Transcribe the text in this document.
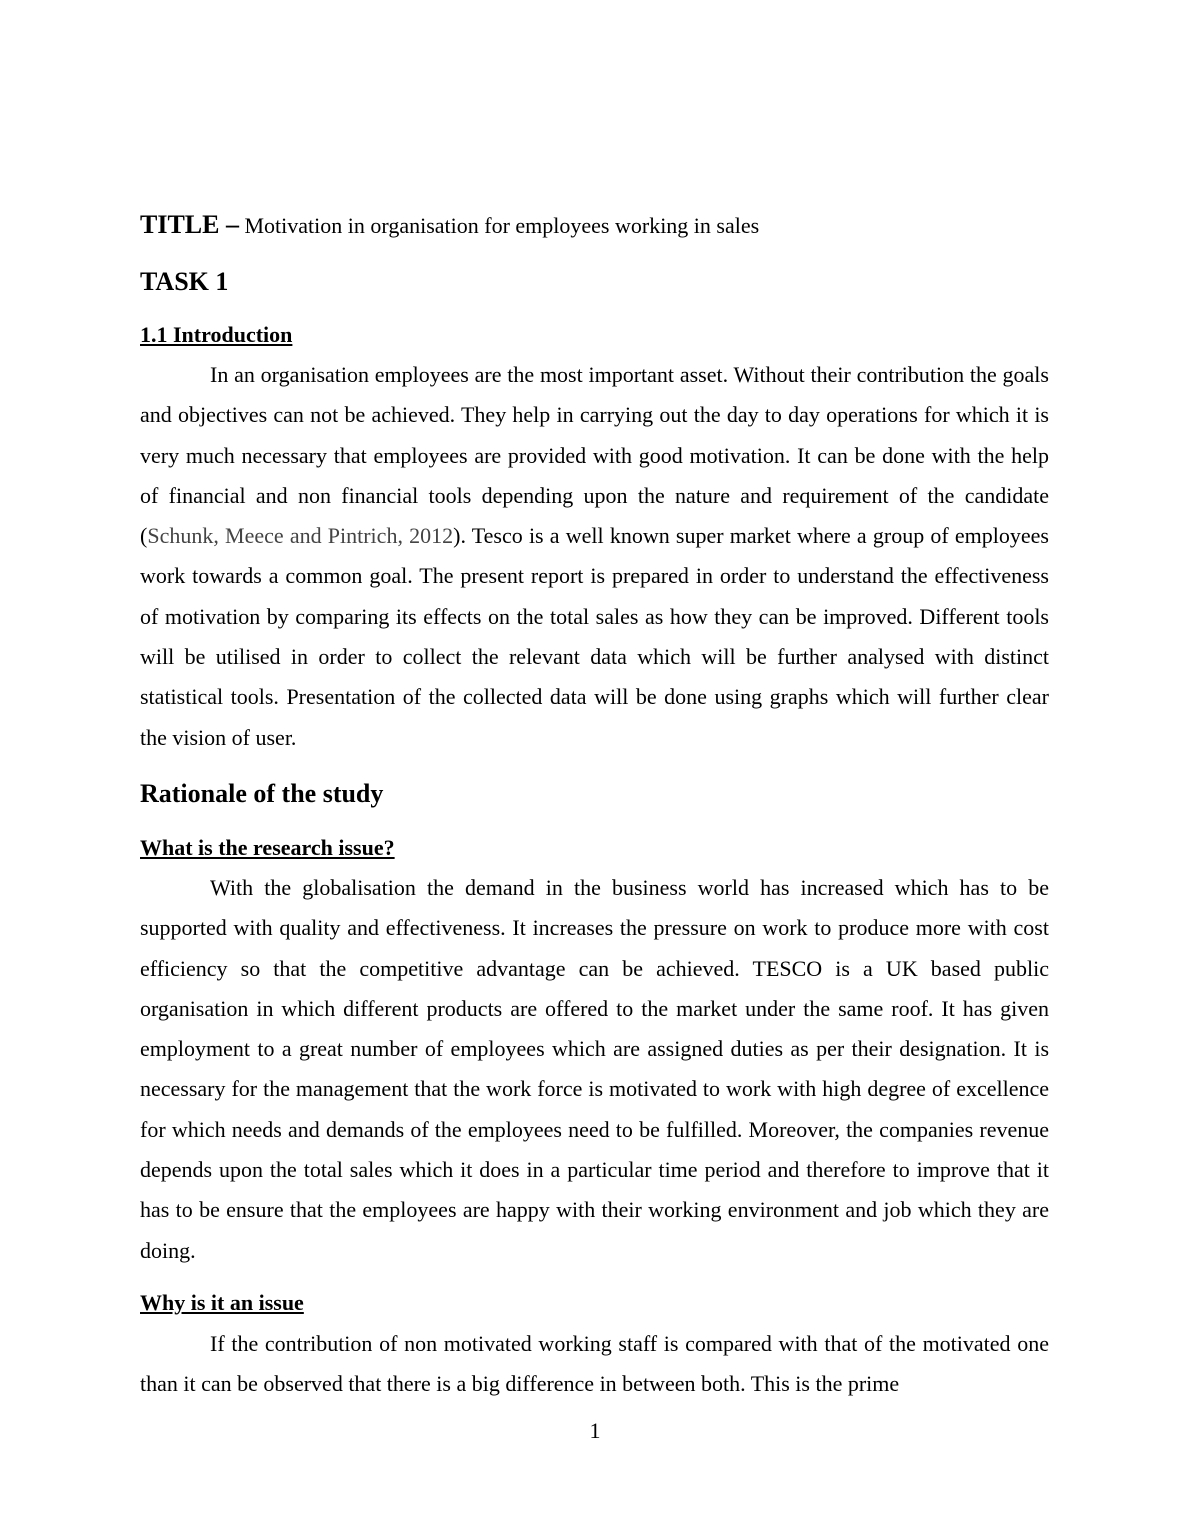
TITLE – Motivation in organisation for employees working in sales

TASK 1
1.1 Introduction

In an organisation employees are the most important asset. Without their contribution the goals and objectives can not be achieved. They help in carrying out the day to day operations for which it is very much necessary that employees are provided with good motivation. It can be done with the help of financial and non financial tools depending upon the nature and requirement of the candidate (Schunk, Meece and Pintrich, 2012). Tesco is a well known super market where a group of employees work towards a common goal. The present report is prepared in order to understand the effectiveness of motivation by comparing its effects on the total sales as how they can be improved. Different tools will be utilised in order to collect the relevant data which will be further analysed with distinct statistical tools. Presentation of the collected data will be done using graphs which will further clear the vision of user.

Rationale of the study
What is the research issue?

With the globalisation the demand in the business world has increased which has to be supported with quality and effectiveness. It increases the pressure on work to produce more with cost efficiency so that the competitive advantage can be achieved. TESCO is a UK based public organisation in which different products are offered to the market under the same roof. It has given employment to a great number of employees which are assigned duties as per their designation. It is necessary for the management that the work force is motivated to work with high degree of excellence for which needs and demands of the employees need to be fulfilled. Moreover, the companies revenue depends upon the total sales which it does in a particular time period and therefore to improve that it has to be ensure that the employees are happy with their working environment and job which they are doing.

Why is it an issue

If the contribution of non motivated working staff is compared with that of the motivated one than it can be observed that there is a big difference in between both. This is the prime

1
